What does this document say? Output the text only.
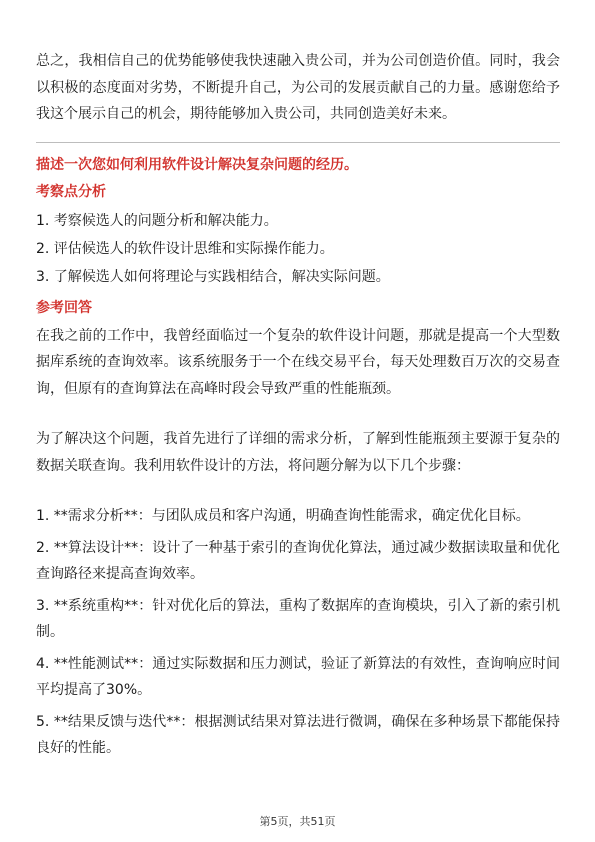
总之，我相信自己的优势能够使我快速融入贵公司，并为公司创造价值。同时，我会以积极的态度面对劣势，不断提升自己，为公司的发展贡献自己的力量。感谢您给予我这个展示自己的机会，期待能够加入贵公司，共同创造美好未来。

描述一次您如何利用软件设计解决复杂问题的经历。

考察点分析

1. 考察候选人的问题分析和解决能力。

2. 评估候选人的软件设计思维和实际操作能力。

3. 了解候选人如何将理论与实践相结合，解决实际问题。

参考回答

在我之前的工作中，我曾经面临过一个复杂的软件设计问题，那就是提高一个大型数据库系统的查询效率。该系统服务于一个在线交易平台，每天处理数百万次的交易查询，但原有的查询算法在高峰时段会导致严重的性能瓶颈。

为了解决这个问题，我首先进行了详细的需求分析，了解到性能瓶颈主要源于复杂的数据关联查询。我利用软件设计的方法，将问题分解为以下几个步骤：

1. **需求分析**：与团队成员和客户沟通，明确查询性能需求，确定优化目标。

2. **算法设计**：设计了一种基于索引的查询优化算法，通过减少数据读取量和优化查询路径来提高查询效率。

3. **系统重构**：针对优化后的算法，重构了数据库的查询模块，引入了新的索引机制。

4. **性能测试**：通过实际数据和压力测试，验证了新算法的有效性，查询响应时间平均提高了30%。

5. **结果反馈与迭代**：根据测试结果对算法进行微调，确保在多种场景下都能保持良好的性能。

第5页，共51页
